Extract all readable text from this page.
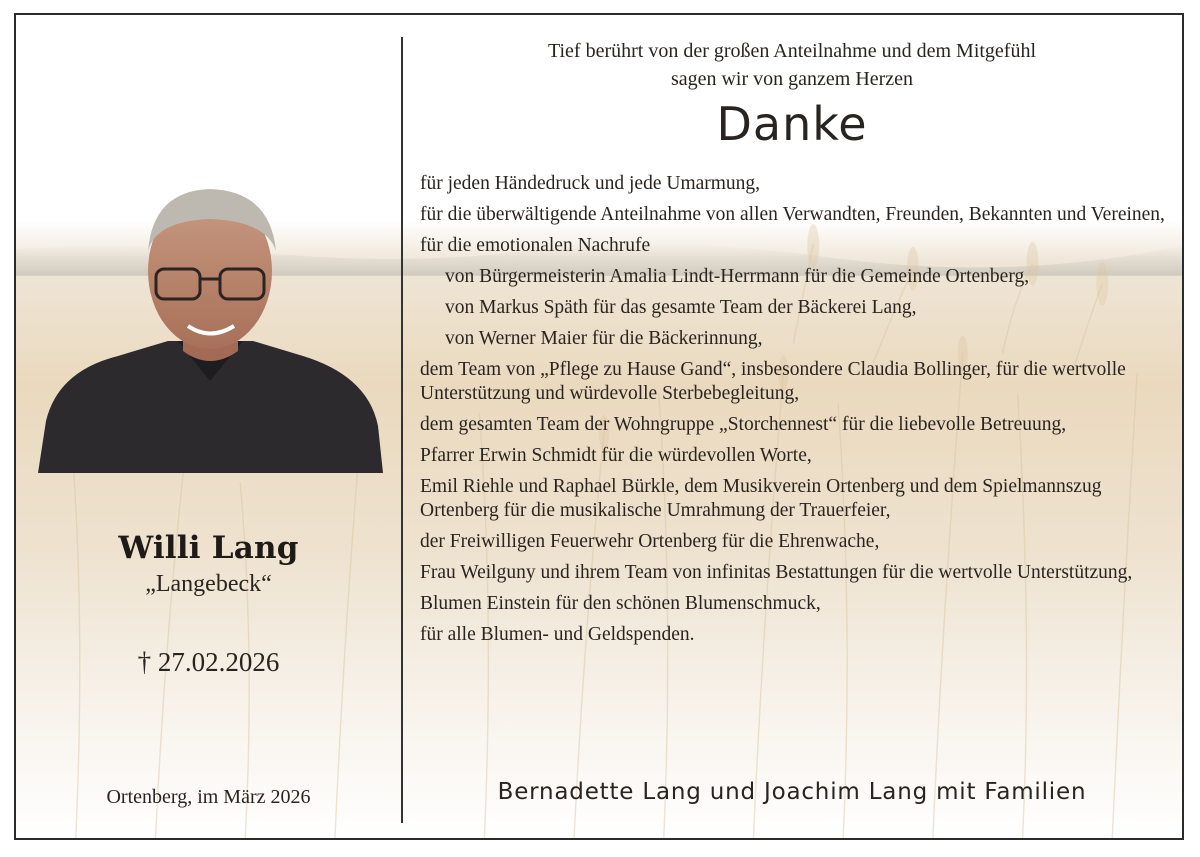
Willi Lang
„Langebeck“
† 27.02.2026
Ortenberg, im März 2026
Tief berührt von der großen Anteilnahme und dem Mitgefühl
sagen wir von ganzem Herzen
Danke
für jeden Händedruck und jede Umarmung,
für die überwältigende Anteilnahme von allen Verwandten, Freunden, Bekannten und Vereinen,
für die emotionalen Nachrufe
von Bürgermeisterin Amalia Lindt-Herrmann für die Gemeinde Ortenberg,
von Markus Späth für das gesamte Team der Bäckerei Lang,
von Werner Maier für die Bäckerinnung,
dem Team von „Pflege zu Hause Gand“, insbesondere Claudia Bollinger, für die wertvolle Unterstützung und würdevolle Sterbebegleitung,
dem gesamten Team der Wohngruppe „Storchennest“ für die liebevolle Betreuung,
Pfarrer Erwin Schmidt für die würdevollen Worte,
Emil Riehle und Raphael Bürkle, dem Musikverein Ortenberg und dem Spielmannszug Ortenberg für die musikalische Umrahmung der Trauerfeier,
der Freiwilligen Feuerwehr Ortenberg für die Ehrenwache,
Frau Weilguny und ihrem Team von infinitas Bestattungen für die wertvolle Unterstützung,
Blumen Einstein für den schönen Blumenschmuck,
für alle Blumen- und Geldspenden.
Bernadette Lang und Joachim Lang mit Familien
